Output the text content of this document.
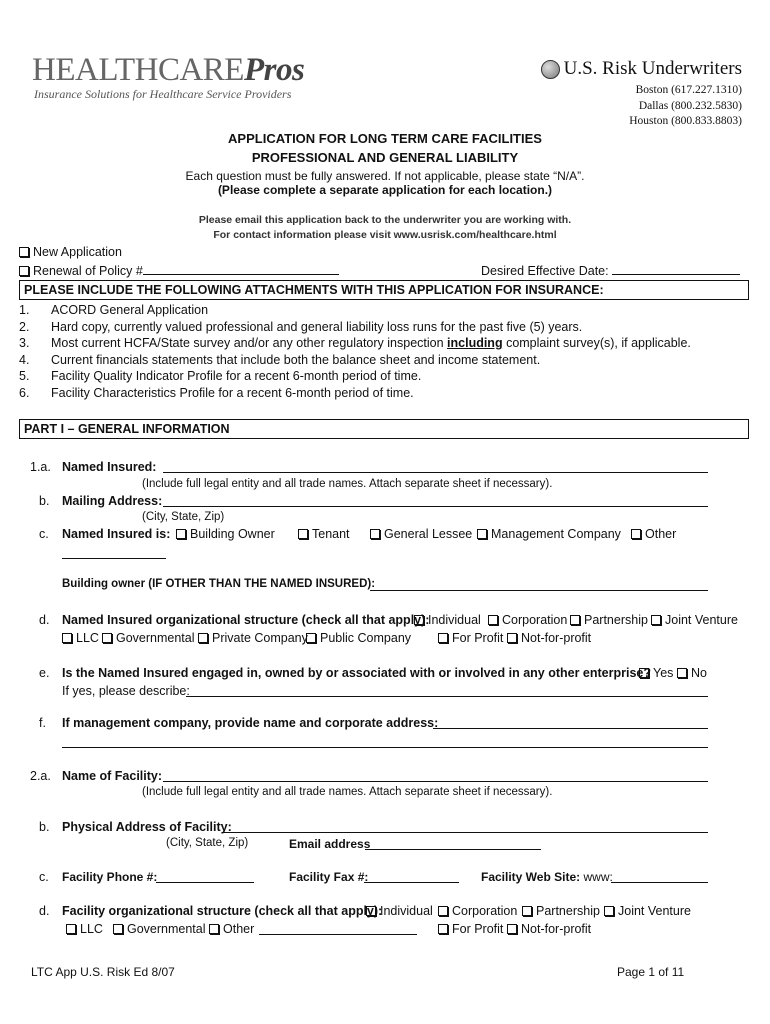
HEALTHCAREPros
Insurance Solutions for Healthcare Service Providers
U.S. Risk Underwriters
Boston (617.227.1310)
Dallas (800.232.5830)
Houston (800.833.8803)
APPLICATION FOR LONG TERM CARE FACILITIES
PROFESSIONAL AND GENERAL LIABILITY
Each question must be fully answered. If not applicable, please state “N/A”.
(Please complete a separate application for each location.)
Please email this application back to the underwriter you are working with.
For contact information please visit www.usrisk.com/healthcare.html
New Application
Renewal of Policy #	Desired Effective Date:
PLEASE INCLUDE THE FOLLOWING ATTACHMENTS WITH THIS APPLICATION FOR INSURANCE:
1. ACORD General Application
2. Hard copy, currently valued professional and general liability loss runs for the past five (5) years.
3. Most current HCFA/State survey and/or any other regulatory inspection including complaint survey(s), if applicable.
4. Current financials statements that include both the balance sheet and income statement.
5. Facility Quality Indicator Profile for a recent 6-month period of time.
6. Facility Characteristics Profile for a recent 6-month period of time.
PART I – GENERAL INFORMATION
1.a. Named Insured:
(Include full legal entity and all trade names. Attach separate sheet if necessary).
b. Mailing Address:
(City, State, Zip)
c. Named Insured is:	Building Owner	Tenant	General Lessee	Management Company	Other
Building owner (IF OTHER THAN THE NAMED INSURED):
d. Named Insured organizational structure (check all that apply):
Individual	Corporation	Partnership	Joint Venture
LLC	Governmental	Private Company Public Company	For Profit	Not-for-profit
e. Is the Named Insured engaged in, owned by or associated with or involved in any other enterprise? Yes	No
If yes, please describe:
f. If management company, provide name and corporate address:
2.a. Name of Facility:
(Include full legal entity and all trade names. Attach separate sheet if necessary).
b. Physical Address of Facility:
(City, State, Zip)	Email address
c. Facility Phone #:	Facility Fax #:	Facility Web Site: www:
d. Facility organizational structure (check all that apply):
Individual	Corporation	Partnership	Joint Venture
LLC	Governmental	Other	For Profit	Not-for-profit
LTC App U.S. Risk Ed 8/07	Page 1 of 11
